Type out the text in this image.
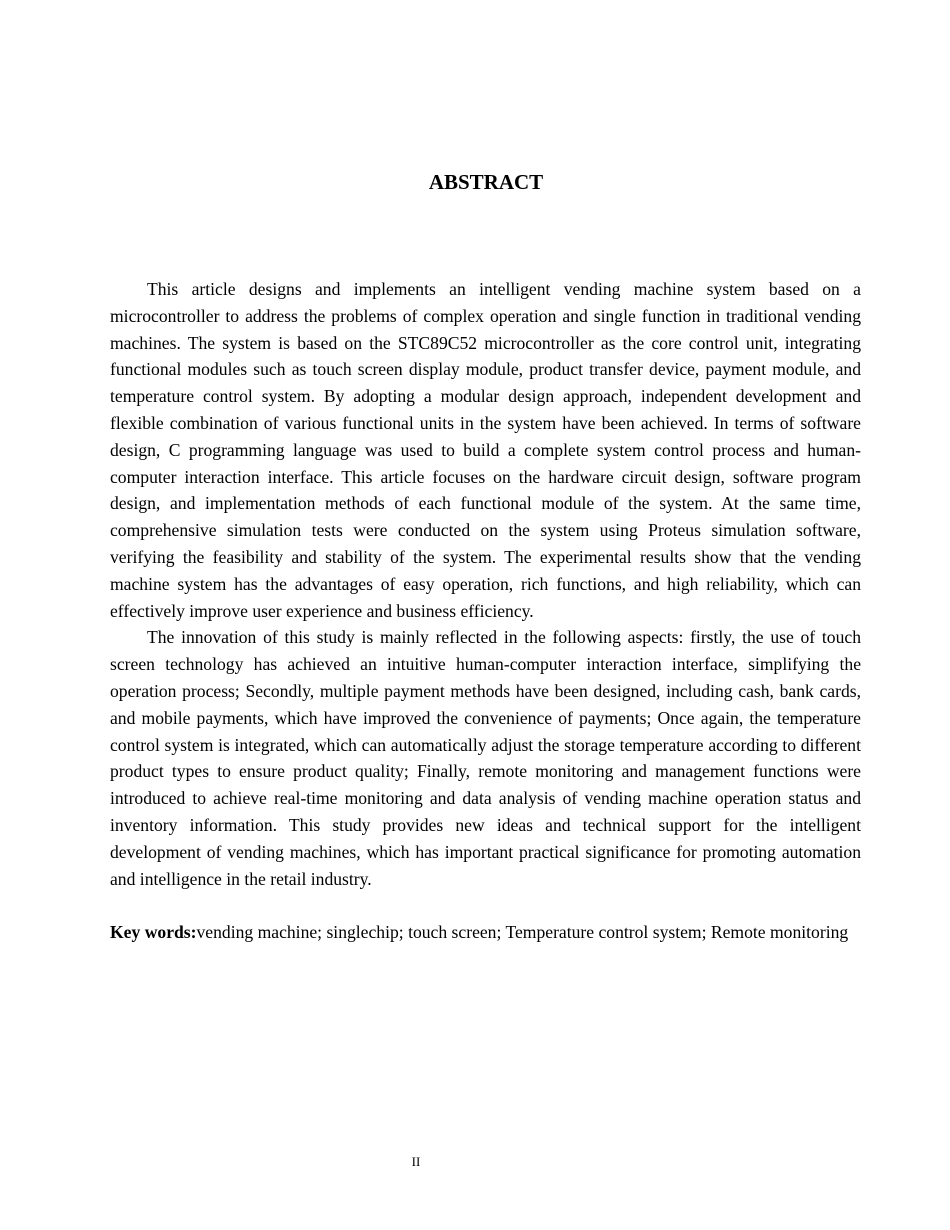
ABSTRACT

This article designs and implements an intelligent vending machine system based on a microcontroller to address the problems of complex operation and single function in traditional vending machines. The system is based on the STC89C52 microcontroller as the core control unit, integrating functional modules such as touch screen display module, product transfer device, payment module, and temperature control system. By adopting a modular design approach, independent development and flexible combination of various functional units in the system have been achieved. In terms of software design, C programming language was used to build a complete system control process and human-computer interaction interface. This article focuses on the hardware circuit design, software program design, and implementation methods of each functional module of the system. At the same time, comprehensive simulation tests were conducted on the system using Proteus simulation software, verifying the feasibility and stability of the system. The experimental results show that the vending machine system has the advantages of easy operation, rich functions, and high reliability, which can effectively improve user experience and business efficiency.

The innovation of this study is mainly reflected in the following aspects: firstly, the use of touch screen technology has achieved an intuitive human-computer interaction interface, simplifying the operation process; Secondly, multiple payment methods have been designed, including cash, bank cards, and mobile payments, which have improved the convenience of payments; Once again, the temperature control system is integrated, which can automatically adjust the storage temperature according to different product types to ensure product quality; Finally, remote monitoring and management functions were introduced to achieve real-time monitoring and data analysis of vending machine operation status and inventory information. This study provides new ideas and technical support for the intelligent development of vending machines, which has important practical significance for promoting automation and intelligence in the retail industry.

Key words:vending machine; singlechip; touch screen; Temperature control system; Remote monitoring

II
